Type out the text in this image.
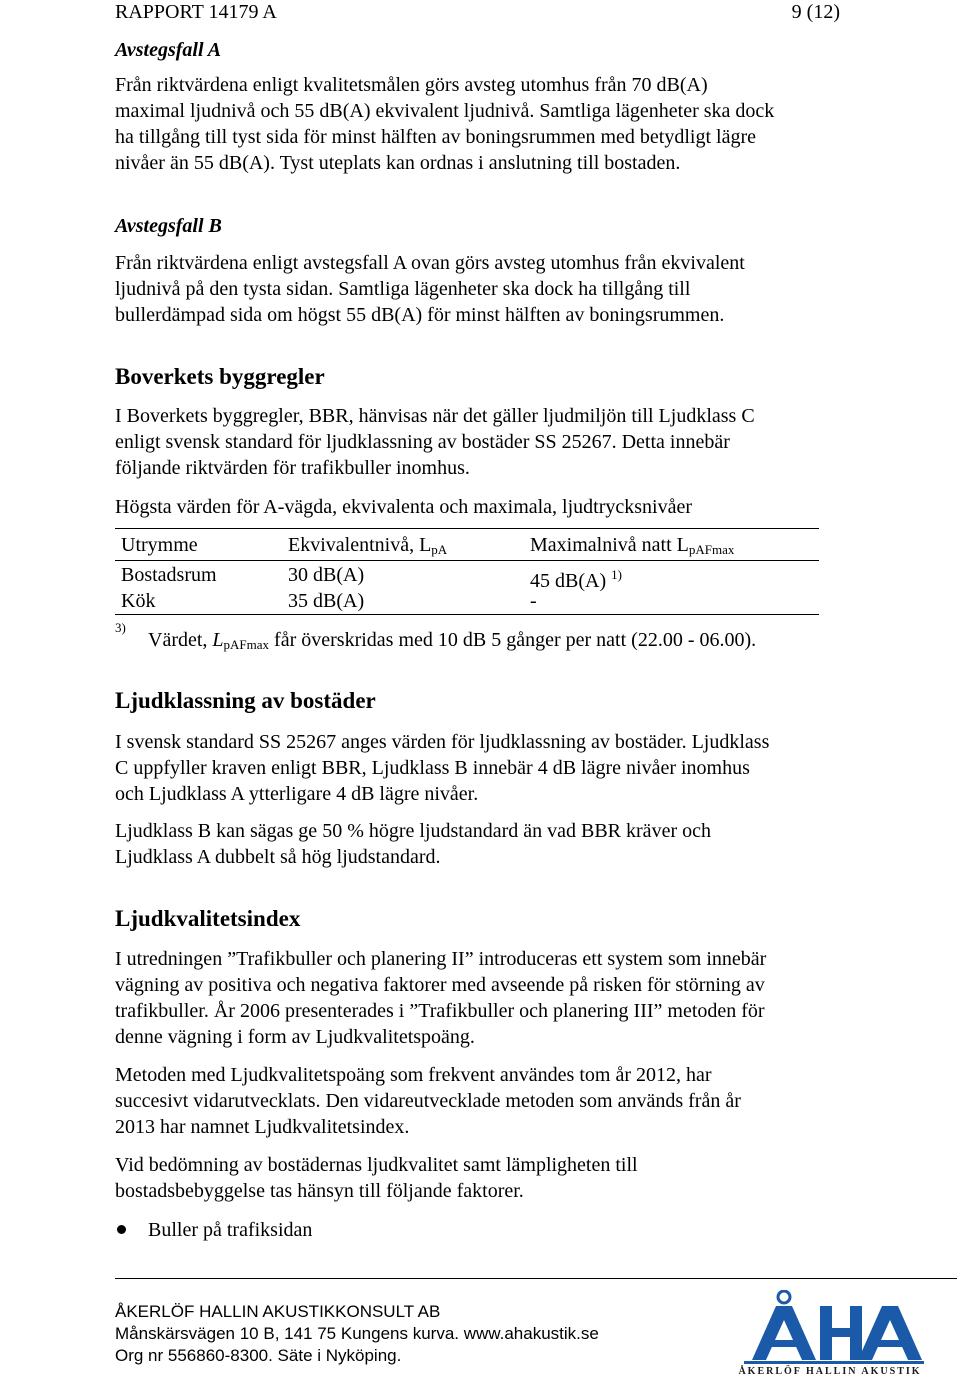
RAPPORT 14179 A	9 (12)
Avstegsfall A
Från riktvärdena enligt kvalitetsmålen görs avsteg utomhus från 70 dB(A)
maximal ljudnivå och 55 dB(A) ekvivalent ljudnivå. Samtliga lägenheter ska dock
ha tillgång till tyst sida för minst hälften av boningsrummen med betydligt lägre
nivåer än 55 dB(A). Tyst uteplats kan ordnas i anslutning till bostaden.
Avstegsfall B
Från riktvärdena enligt avstegsfall A ovan görs avsteg utomhus från ekvivalent
ljudnivå på den tysta sidan. Samtliga lägenheter ska dock ha tillgång till
bullerdämpad sida om högst 55 dB(A) för minst hälften av boningsrummen.
Boverkets byggregler
I Boverkets byggregler, BBR, hänvisas när det gäller ljudmiljön till Ljudklass C
enligt svensk standard för ljudklassning av bostäder SS 25267. Detta innebär
följande riktvärden för trafikbuller inomhus.
Högsta värden för A-vägda, ekvivalenta och maximala, ljudtrycksnivåer
Utrymme	Ekvivalentnivå, $L_{pA}$	Maximalnivå natt $L_{pAFmax}$
Bostadsrum	30 dB(A)	45 dB(A) $^{1)}$
Kök	35 dB(A)	-
3)
Värdet, $L_{pAFmax}$ får överskridas med 10 dB 5 gånger per natt (22.00 - 06.00).
Ljudklassning av bostäder
I svensk standard SS 25267 anges värden för ljudklassning av bostäder. Ljudklass
C uppfyller kraven enligt BBR, Ljudklass B innebär 4 dB lägre nivåer inomhus
och Ljudklass A ytterligare 4 dB lägre nivåer.
Ljudklass B kan sägas ge 50 % högre ljudstandard än vad BBR kräver och
Ljudklass A dubbelt så hög ljudstandard.
Ljudkvalitetsindex
I utredningen ”Trafikbuller och planering II” introduceras ett system som innebär
vägning av positiva och negativa faktorer med avseende på risken för störning av
trafikbuller. År 2006 presenterades i ”Trafikbuller och planering III” metoden för
denne vägning i form av Ljudkvalitetspoäng.
Metoden med Ljudkvalitetspoäng som frekvent användes tom år 2012, har
succesivt vidarutvecklats. Den vidareutvecklade metoden som används från år
2013 har namnet Ljudkvalitetsindex.
Vid bedömning av bostädernas ljudkvalitet samt lämpligheten till
bostadsbebyggelse tas hänsyn till följande faktorer.
Buller på trafiksidan
ÅKERLÖF HALLIN AKUSTIKKONSULT AB
Månskärsvägen 10 B, 141 75 Kungens kurva. www.ahakustik.se
Org nr 556860-8300. Säte i Nyköping.
ÅKERLÖF HALLIN AKUSTIK
